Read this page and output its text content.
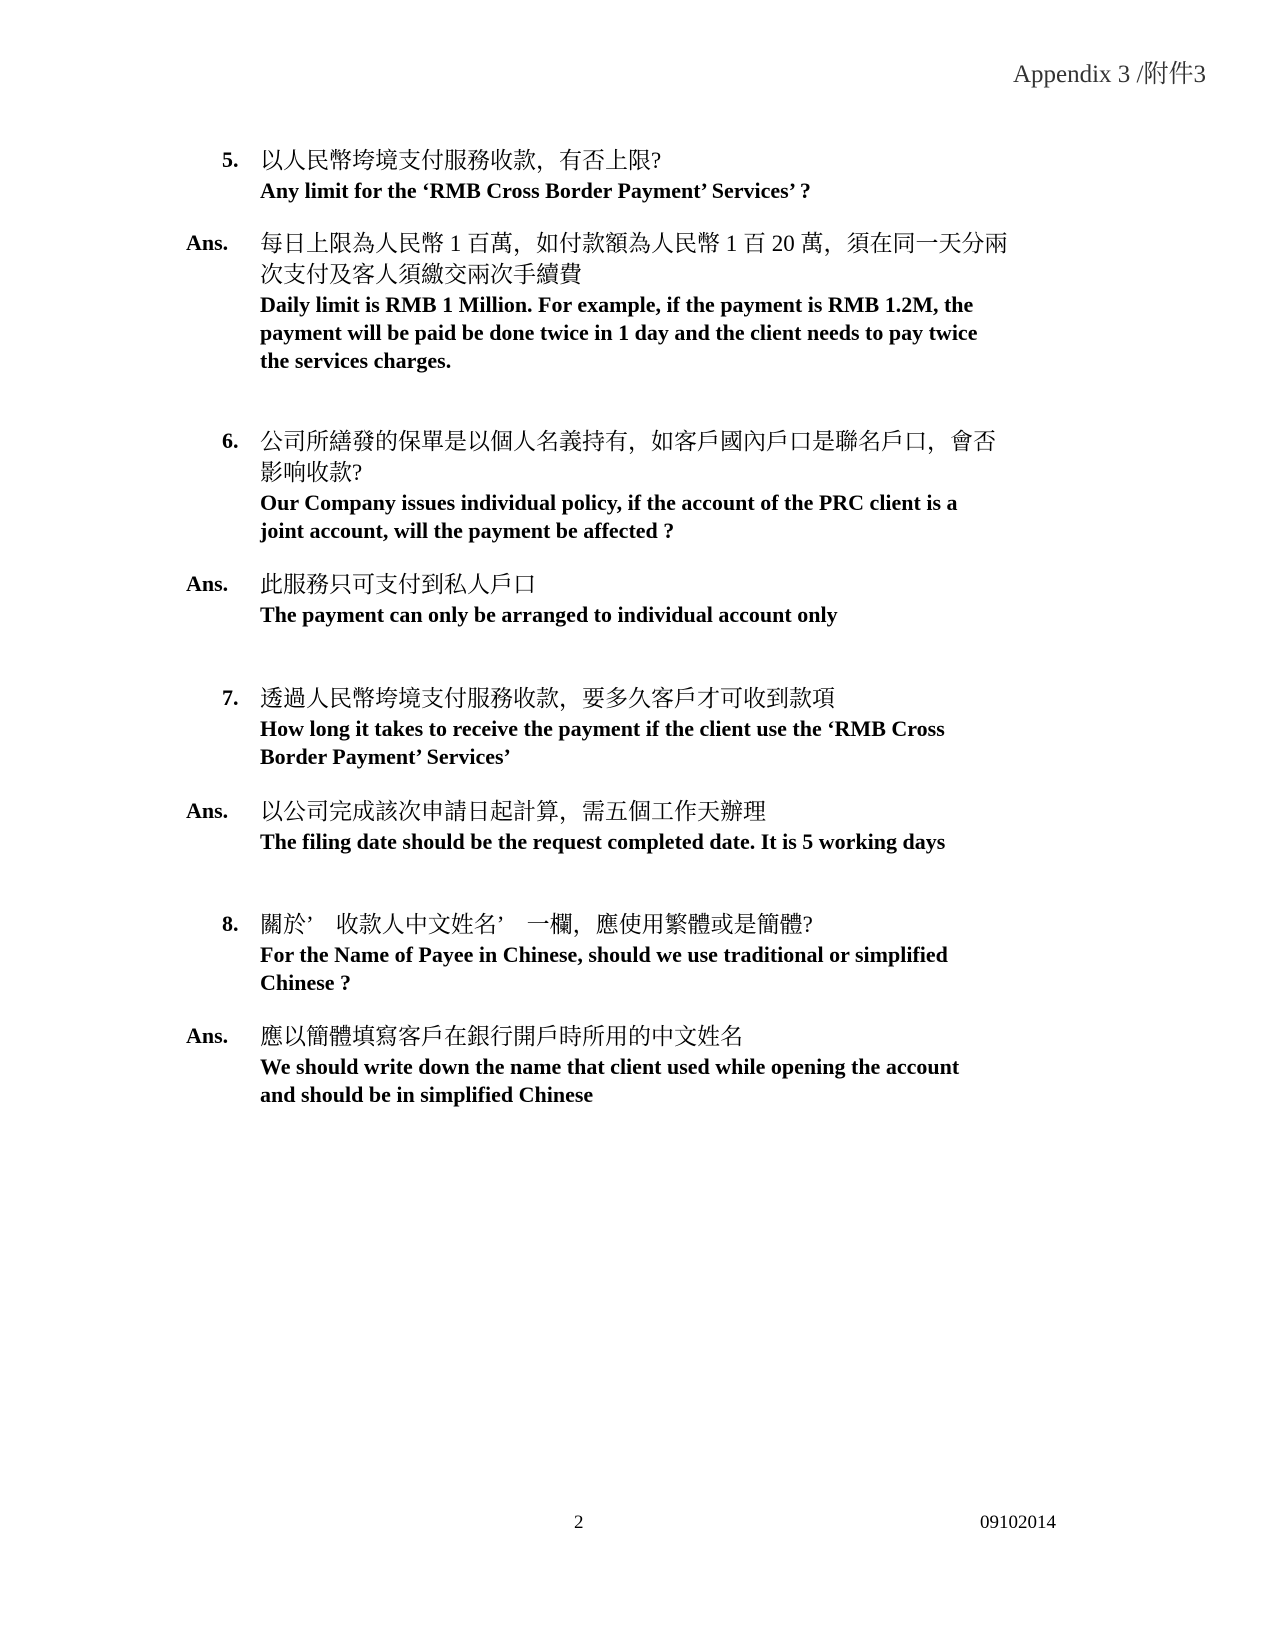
Appendix 3 /附件3
5. 以人民幣垮境支付服務收款，有否上限?
Any limit for the ‘RMB Cross Border Payment’ Services’ ?
Ans. 每日上限為人民幣 1 百萬，如付款額為人民幣 1 百 20 萬，須在同一天分兩
次支付及客人須繳交兩次手續費
Daily limit is RMB 1 Million. For example, if the payment is RMB 1.2M, the
payment will be paid be done twice in 1 day and the client needs to pay twice
the services charges.
6. 公司所繕發的保單是以個人名義持有，如客戶國內戶口是聯名戶口，會否
影响收款?
Our Company issues individual policy, if the account of the PRC client is a
joint account, will the payment be affected ?
Ans. 此服務只可支付到私人戶口
The payment can only be arranged to individual account only
7. 透過人民幣垮境支付服務收款，要多久客戶才可收到款項
How long it takes to receive the payment if the client use the ‘RMB Cross
Border Payment’ Services’
Ans. 以公司完成該次申請日起計算，需五個工作天辦理
The filing date should be the request completed date. It is 5 working days
8. 關於’　收款人中文姓名’　一欄，應使用繁體或是簡體?
For the Name of Payee in Chinese, should we use traditional or simplified
Chinese ?
Ans. 應以簡體填寫客戶在銀行開戶時所用的中文姓名
We should write down the name that client used while opening the account
and should be in simplified Chinese
2	09102014
